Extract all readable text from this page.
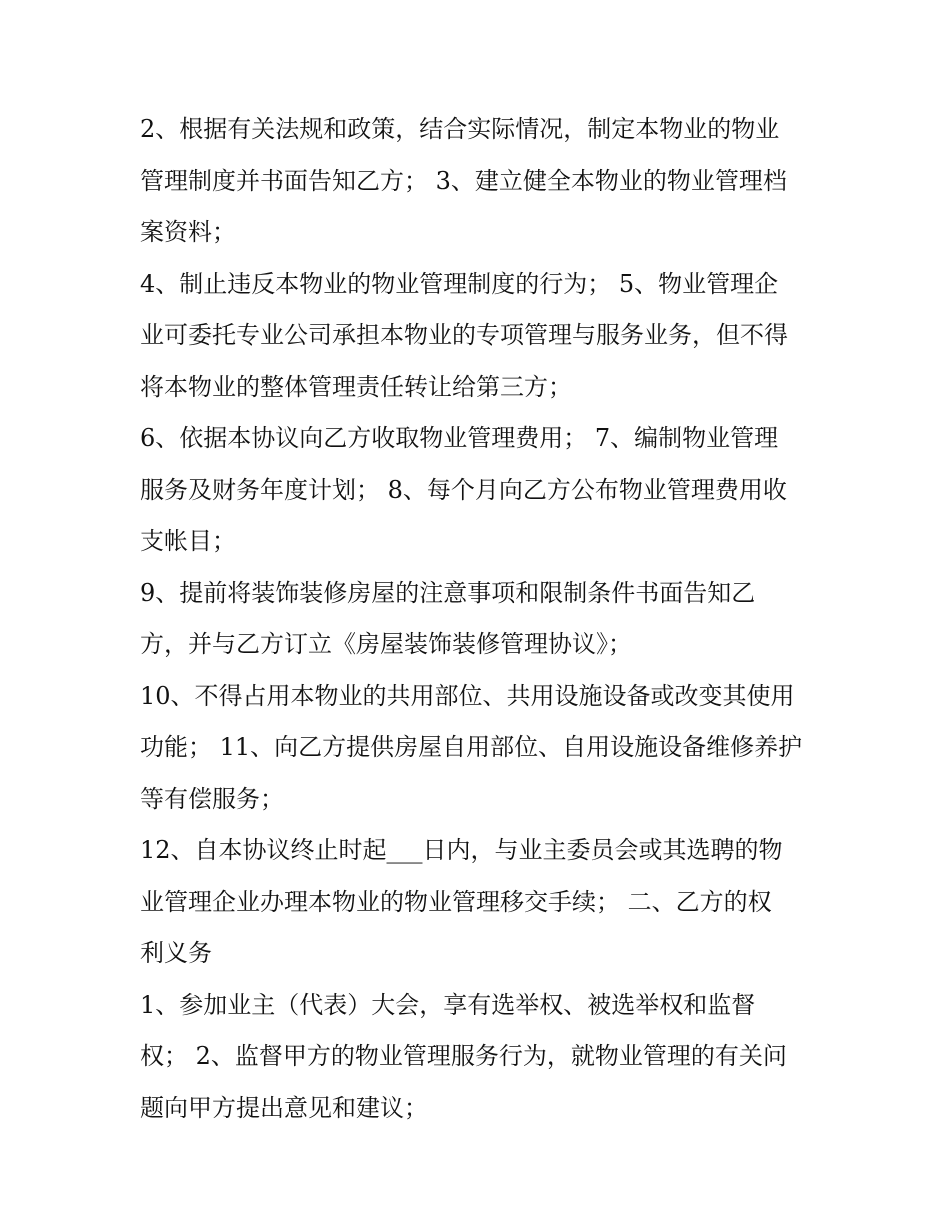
2、根据有关法规和政策，结合实际情况，制定本物业的物业
管理制度并书面告知乙方； 3、建立健全本物业的物业管理档
案资料；
4、制止违反本物业的物业管理制度的行为； 5、物业管理企
业可委托专业公司承担本物业的专项管理与服务业务，但不得
将本物业的整体管理责任转让给第三方；
6、依据本协议向乙方收取物业管理费用； 7、编制物业管理
服务及财务年度计划； 8、每个月向乙方公布物业管理费用收
支帐目；
9、提前将装饰装修房屋的注意事项和限制条件书面告知乙
方，并与乙方订立《房屋装饰装修管理协议》；
10、不得占用本物业的共用部位、共用设施设备或改变其使用
功能； 11、向乙方提供房屋自用部位、自用设施设备维修养护
等有偿服务；
12、自本协议终止时起___日内，与业主委员会或其选聘的物
业管理企业办理本物业的物业管理移交手续； 二、乙方的权
利义务
1、参加业主（代表）大会，享有选举权、被选举权和监督
权； 2、监督甲方的物业管理服务行为，就物业管理的有关问
题向甲方提出意见和建议；
